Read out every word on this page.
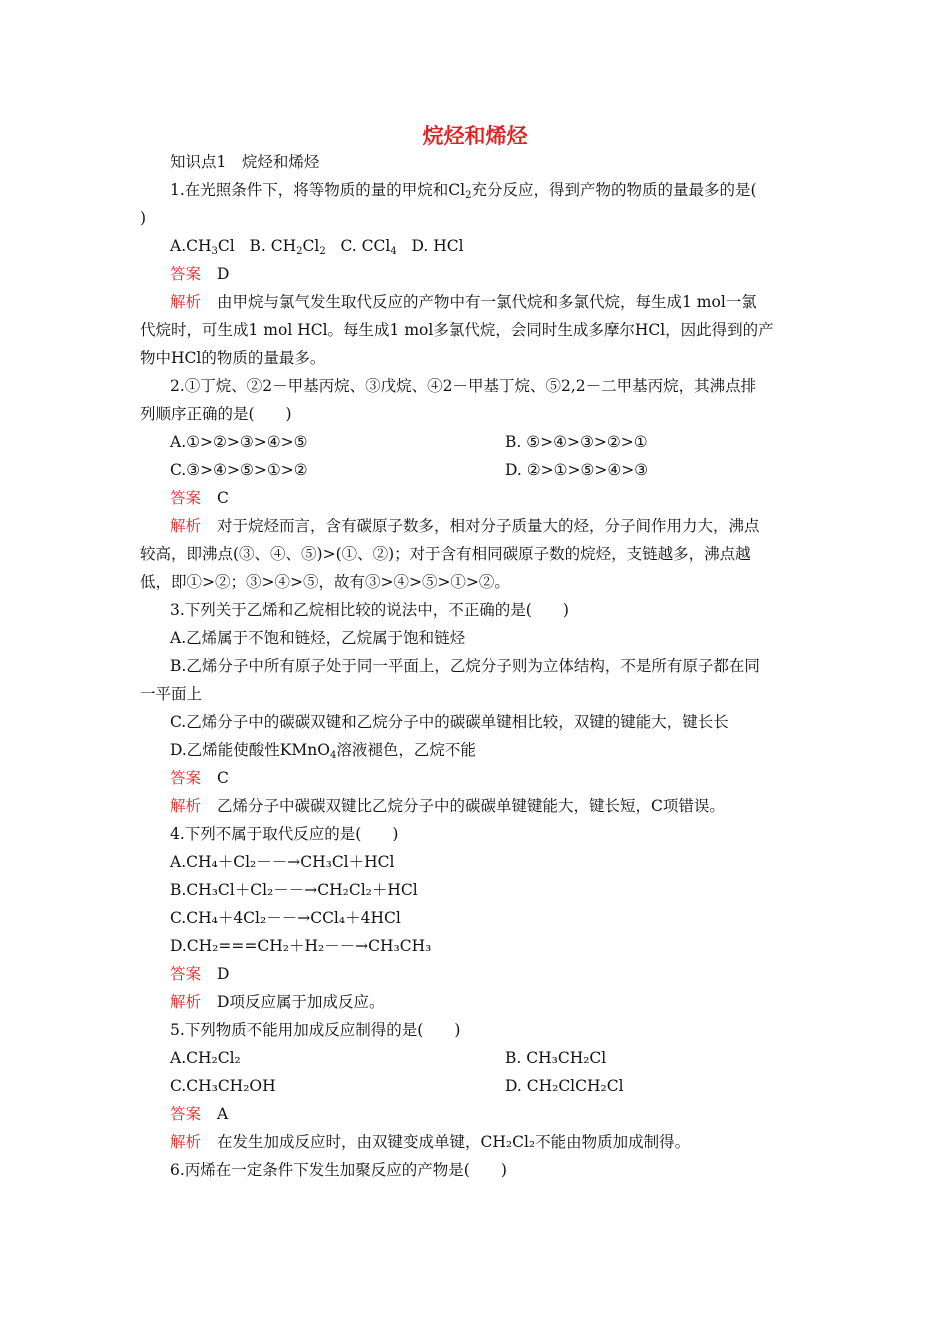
烷烃和烯烃
知识点1　烷烃和烯烃
1.在光照条件下，将等物质的量的甲烷和$Cl_2$充分反应，得到产物的物质的量最多的是(
)
$A.CH_3Cl$ B. $CH_2Cl_2$ C. CCl$_4$ D. HCl
答案 D
解析 由甲烷与氯气发生取代反应的产物中有一氯代烷和多氯代烷，每生成1 mol一氯
代烷时，可生成1 mol HCl。每生成1 mol多氯代烷，会同时生成多摩尔HCl，因此得到的产
物中HCl的物质的量最多。
2.①丁烷、②2－甲基丙烷、③戊烷、④2－甲基丁烷、⑤2,2－二甲基丙烷，其沸点排
列顺序正确的是(　　)
A.①>②>③>④>⑤	B. ⑤>④>③>②>①
C.③>④>⑤>①>②	D. ②>①>⑤>④>③
答案 C
解析 对于烷烃而言，含有碳原子数多，相对分子质量大的烃，分子间作用力大，沸点
较高，即沸点(③、④、⑤)>(①、②)；对于含有相同碳原子数的烷烃，支链越多，沸点越
低，即①>②；③>④>⑤，故有③>④>⑤>①>②。
3.下列关于乙烯和乙烷相比较的说法中，不正确的是(　　)
A.乙烯属于不饱和链烃，乙烷属于饱和链烃
B.乙烯分子中所有原子处于同一平面上，乙烷分子则为立体结构，不是所有原子都在同
一平面上
C.乙烯分子中的碳碳双键和乙烷分子中的碳碳单键相比较，双键的键能大，键长长
D.乙烯能使酸性KMnO$_4$溶液褪色，乙烷不能
答案 C
解析 乙烯分子中碳碳双键比乙烷分子中的碳碳单键键能大，键长短，C项错误。
4.下列不属于取代反应的是(　　)
A.CH₄＋Cl₂－－→CH₃Cl＋HCl
B.CH₃Cl＋Cl₂－－→CH₂Cl₂＋HCl
C.CH₄＋4Cl₂－－→CCl₄＋4HCl
D.CH₂===CH₂＋H₂－－→CH₃CH₃
答案 D
解析 D项反应属于加成反应。
5.下列物质不能用加成反应制得的是(　　)
A.CH₂Cl₂	B. CH₃CH₂Cl
C.CH₃CH₂OH	D. CH₂ClCH₂Cl
答案 A
解析 在发生加成反应时，由双键变成单键，CH₂Cl₂不能由物质加成制得。
6.丙烯在一定条件下发生加聚反应的产物是(　　)
